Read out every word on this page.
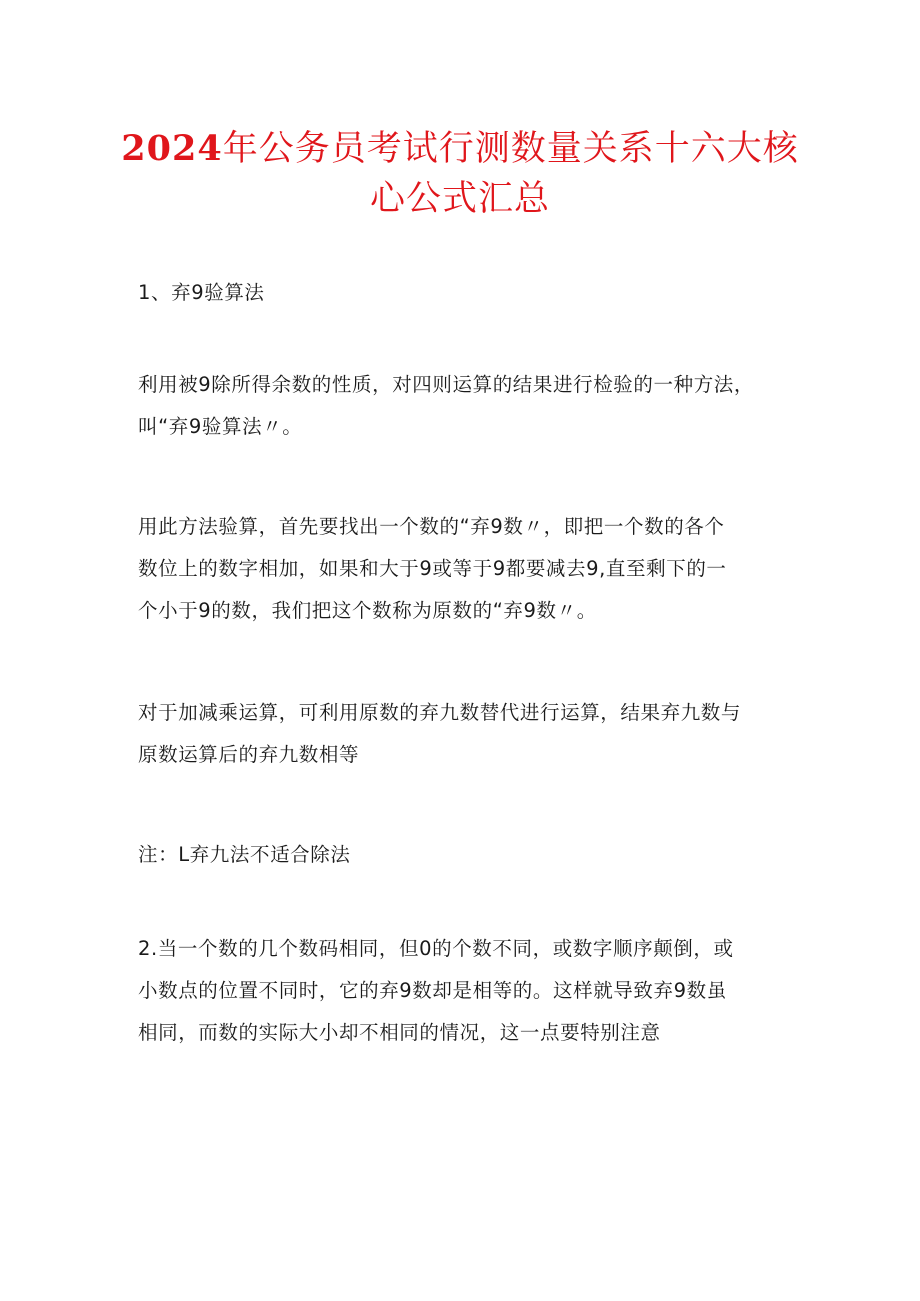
2024年公务员考试行测数量关系十六大核
心公式汇总

1、弃9验算法

利用被9除所得余数的性质，对四则运算的结果进行检验的一种方法，
叫“弃9验算法〃。

用此方法验算，首先要找出一个数的“弃9数〃，即把一个数的各个
数位上的数字相加，如果和大于9或等于9都要减去9,直至剩下的一
个小于9的数，我们把这个数称为原数的“弃9数〃。

对于加减乘运算，可利用原数的弃九数替代进行运算，结果弃九数与
原数运算后的弃九数相等

注：L弃九法不适合除法

2.当一个数的几个数码相同，但0的个数不同，或数字顺序颠倒，或
小数点的位置不同时，它的弃9数却是相等的。这样就导致弃9数虽
相同，而数的实际大小却不相同的情况，这一点要特别注意
